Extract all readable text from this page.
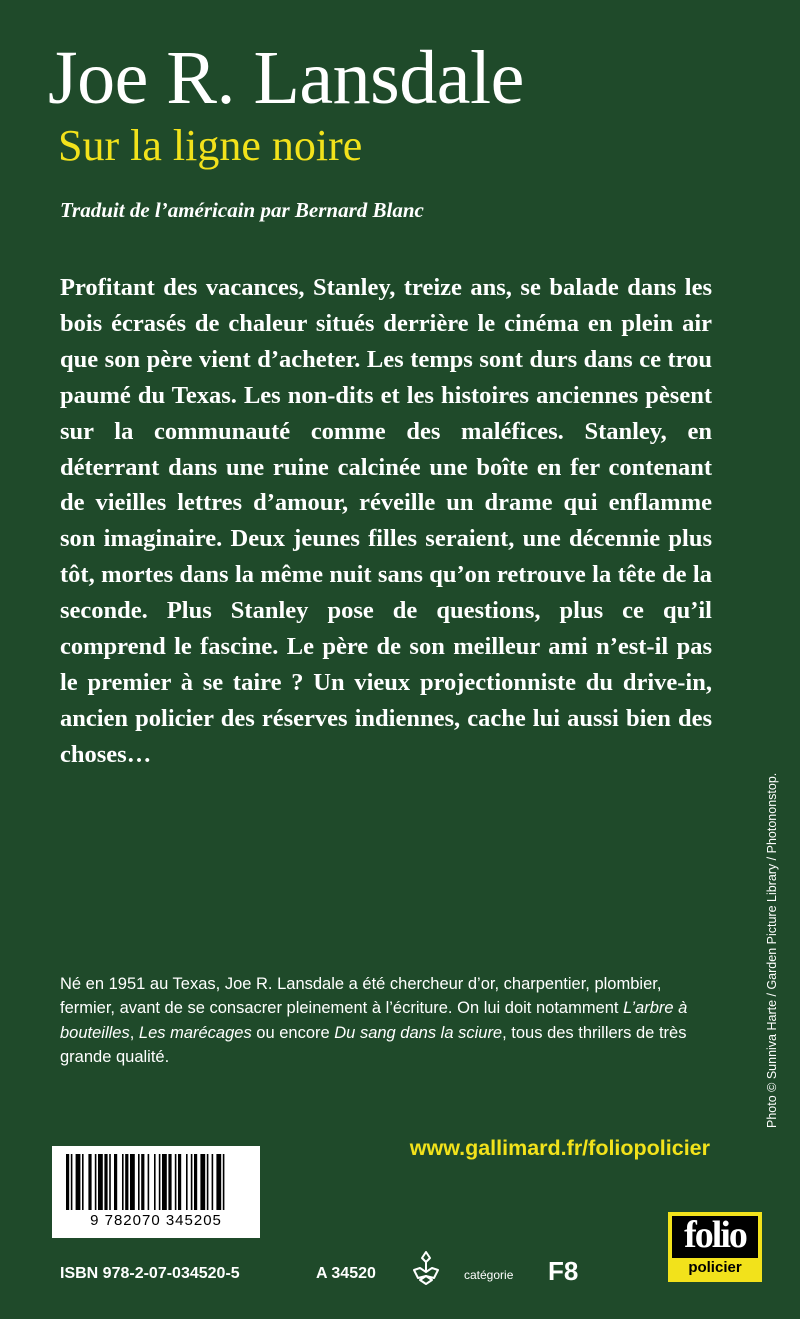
Joe R. Lansdale
Sur la ligne noire
Traduit de l’américain par Bernard Blanc

Profitant des vacances, Stanley, treize ans, se balade dans les bois écrasés de chaleur situés derrière le cinéma en plein air que son père vient d’acheter. Les temps sont durs dans ce trou paumé du Texas. Les non-dits et les histoires anciennes pèsent sur la communauté comme des maléfices. Stanley, en déterrant dans une ruine calcinée une boîte en fer contenant de vieilles lettres d’amour, réveille un drame qui enflamme son imaginaire. Deux jeunes filles seraient, une décennie plus tôt, mortes dans la même nuit sans qu’on retrouve la tête de la seconde. Plus Stanley pose de questions, plus ce qu’il comprend le fascine. Le père de son meilleur ami n’est-il pas le premier à se taire ? Un vieux projectionniste du drive-in, ancien policier des réserves indiennes, cache lui aussi bien des choses…

Né en 1951 au Texas, Joe R. Lansdale a été chercheur d’or, charpentier, plombier, fermier, avant de se consacrer pleinement à l’écriture. On lui doit notamment L’arbre à bouteilles, Les marécages ou encore Du sang dans la sciure, tous des thrillers de très grande qualité.	Photo © Sunniva Harte / Garden Picture Library / Photononstop.
www.gallimard.fr/foliopolicier
9 782070 345205
ISBN 978-2-07-034520-5	A 34520	catégorie F8
folio
policier
